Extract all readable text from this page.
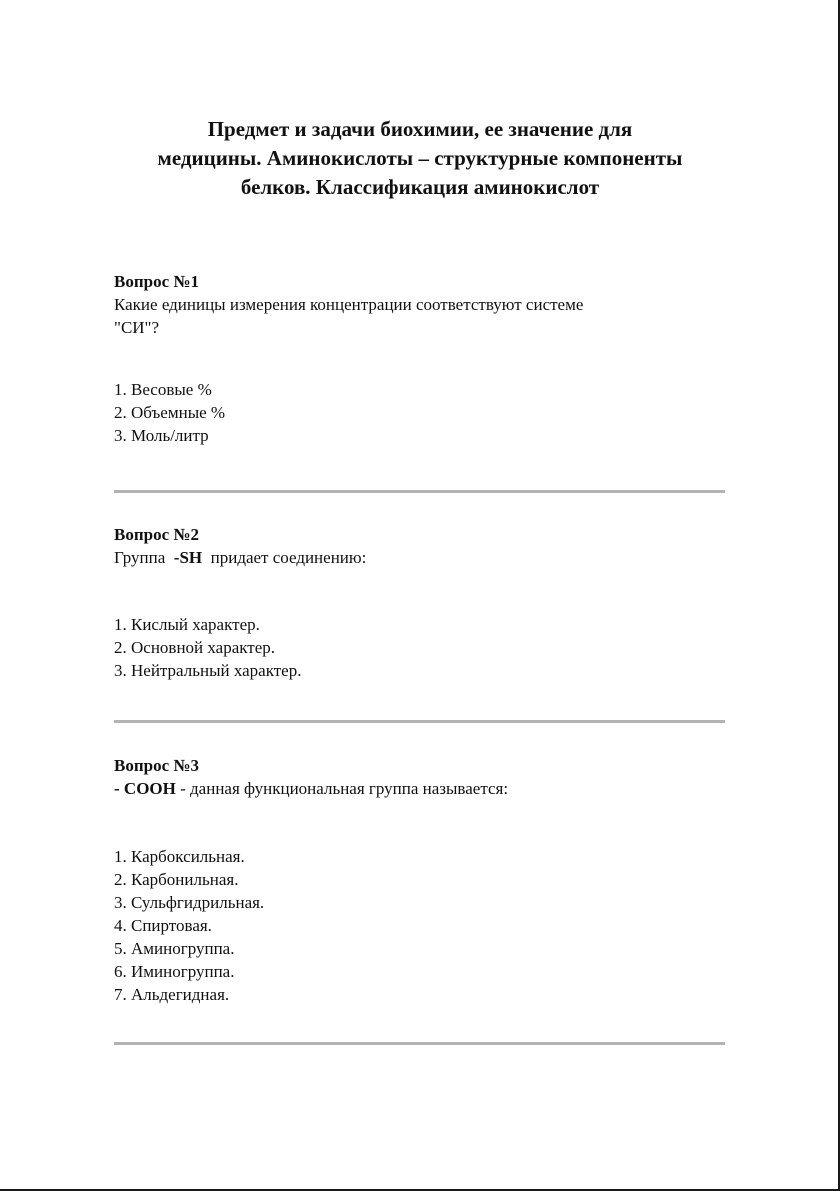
Предмет и задачи биохимии, ее значение для
медицины. Аминокислоты – структурные компоненты
белков. Классификация аминокислот
Вопрос №1
Какие единицы измерения концентрации соответствуют системе
"СИ"?
1. Весовые %
2. Объемные %
3. Моль/литр
Вопрос №2
Группа  -SH  придает соединению:
1. Кислый характер.
2. Основной характер.
3. Нейтральный характер.
Вопрос №3
- COOH - данная функциональная группа называется:
1. Карбоксильная.
2. Карбонильная.
3. Сульфгидрильная.
4. Спиртовая.
5. Аминогруппа.
6. Иминогруппа.
7. Альдегидная.
